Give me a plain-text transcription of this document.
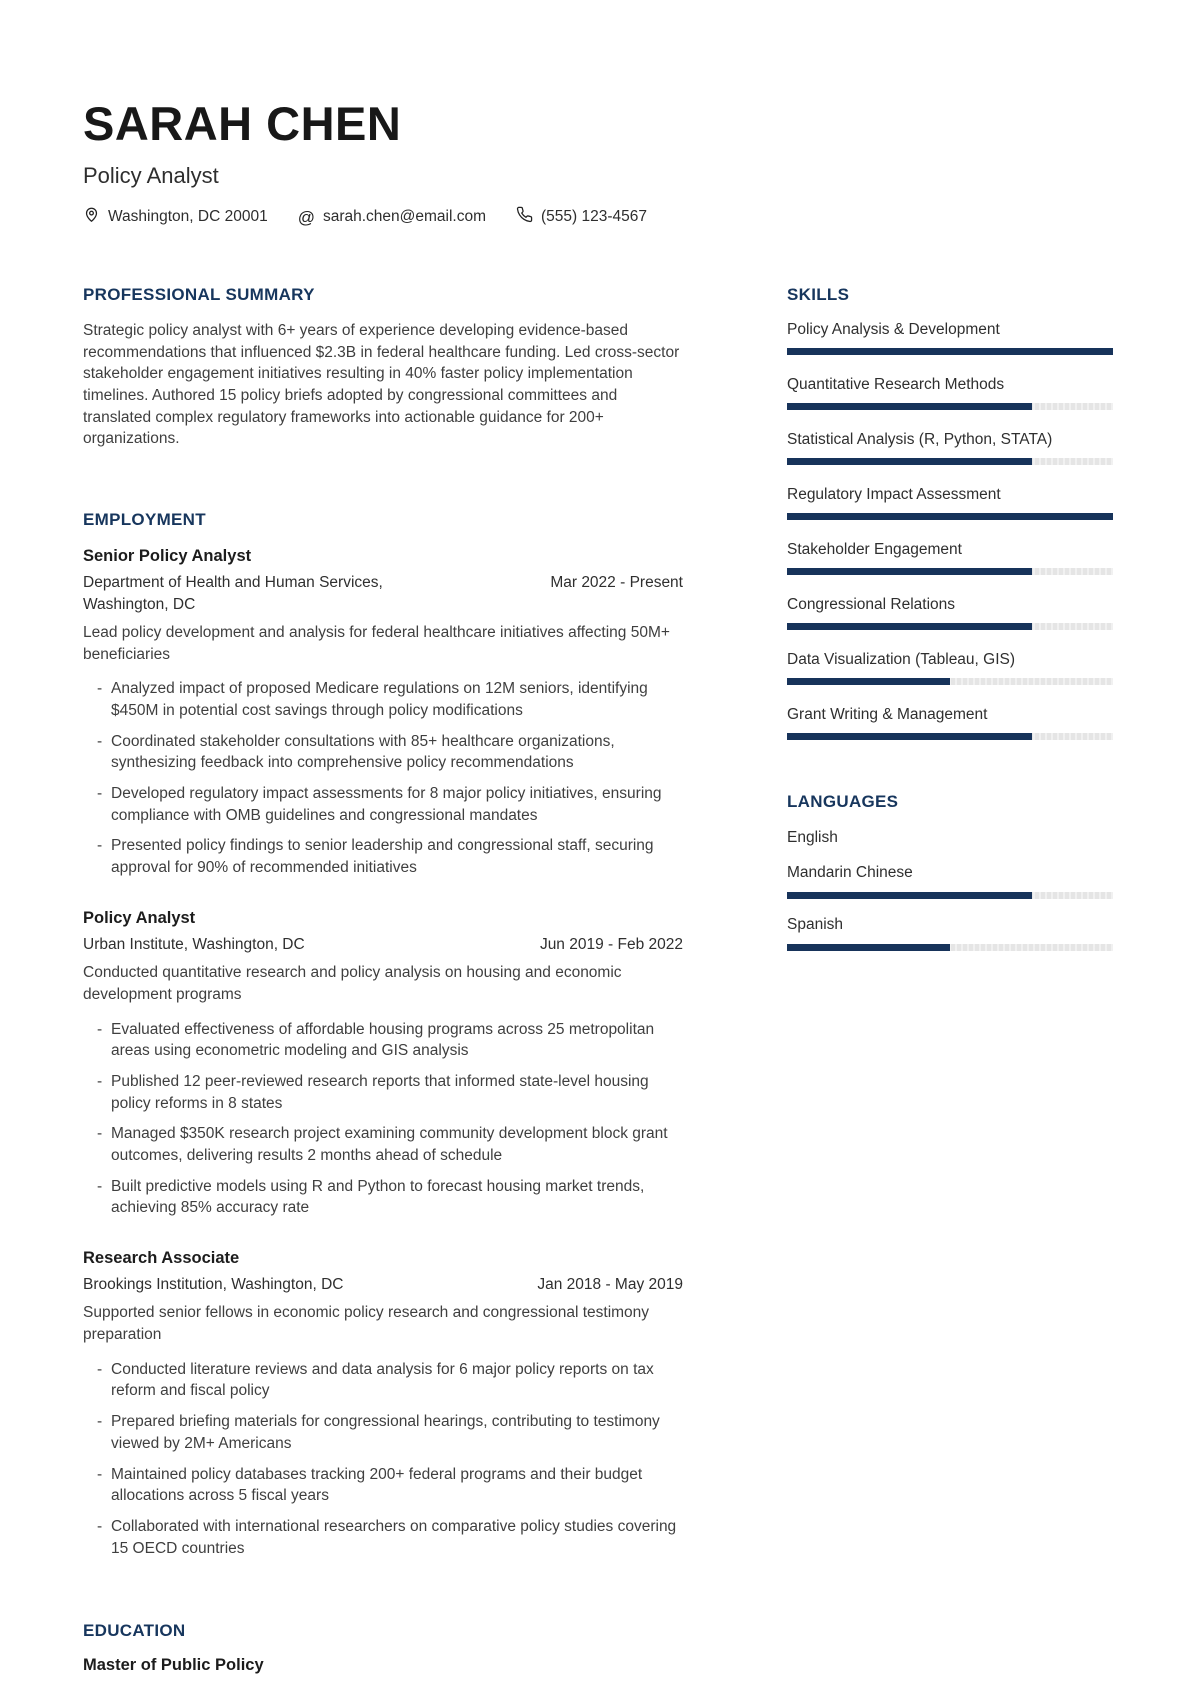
SARAH CHEN
Policy Analyst
Washington, DC 20001 @ sarah.chen@email.com	(555) 123-4567
PROFESSIONAL SUMMARY
Strategic policy analyst with 6+ years of experience developing evidence-based recommendations that influenced $2.3B in federal healthcare funding. Led cross-sector stakeholder engagement initiatives resulting in 40% faster policy implementation timelines. Authored 15 policy briefs adopted by congressional committees and translated complex regulatory frameworks into actionable guidance for 200+ organizations.
EMPLOYMENT
Senior Policy Analyst
Department of Health and Human Services, Washington, DC
Mar 2022 - Present
Lead policy development and analysis for federal healthcare initiatives affecting 50M+ beneficiaries
- Analyzed impact of proposed Medicare regulations on 12M seniors, identifying $450M in potential cost savings through policy modifications
- Coordinated stakeholder consultations with 85+ healthcare organizations, synthesizing feedback into comprehensive policy recommendations
- Developed regulatory impact assessments for 8 major policy initiatives, ensuring compliance with OMB guidelines and congressional mandates
- Presented policy findings to senior leadership and congressional staff, securing approval for 90% of recommended initiatives
Policy Analyst
Urban Institute, Washington, DC	Jun 2019 - Feb 2022
Conducted quantitative research and policy analysis on housing and economic development programs
- Evaluated effectiveness of affordable housing programs across 25 metropolitan areas using econometric modeling and GIS analysis
- Published 12 peer-reviewed research reports that informed state-level housing policy reforms in 8 states
- Managed $350K research project examining community development block grant outcomes, delivering results 2 months ahead of schedule
- Built predictive models using R and Python to forecast housing market trends, achieving 85% accuracy rate
Research Associate
Brookings Institution, Washington, DC	Jan 2018 - May 2019
Supported senior fellows in economic policy research and congressional testimony preparation
- Conducted literature reviews and data analysis for 6 major policy reports on tax reform and fiscal policy
- Prepared briefing materials for congressional hearings, contributing to testimony viewed by 2M+ Americans
- Maintained policy databases tracking 200+ federal programs and their budget allocations across 5 fiscal years
- Collaborated with international researchers on comparative policy studies covering 15 OECD countries
EDUCATION
Master of Public Policy
SKILLS
Policy Analysis & Development
Quantitative Research Methods
Statistical Analysis (R, Python, STATA)
Regulatory Impact Assessment
Stakeholder Engagement
Congressional Relations
Data Visualization (Tableau, GIS)
Grant Writing & Management
LANGUAGES
English
Mandarin Chinese
Spanish
